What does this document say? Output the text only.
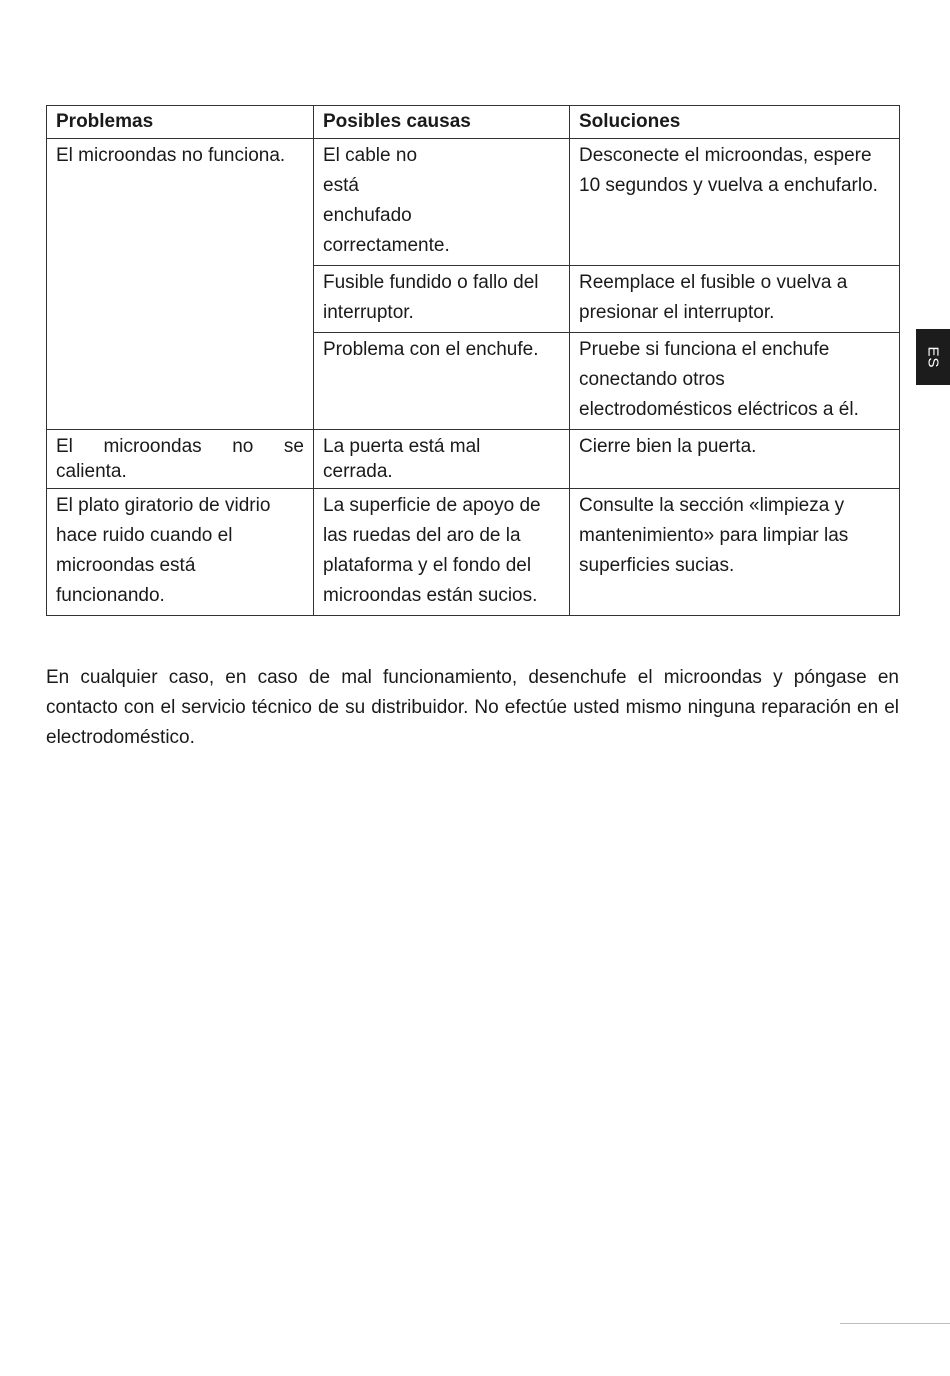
Problemas	Posibles causas	Soluciones
El microondas no funciona.	El cable no está enchufado correctamente.	Desconecte el microondas, espere 10 segundos y vuelva a enchufarlo.
	Fusible fundido o fallo del interruptor.	Reemplace el fusible o vuelva a presionar el interruptor.
	Problema con el enchufe.	Pruebe si funciona el enchufe conectando otros electrodomésticos eléctricos a él.

El microondas no se calienta.	La puerta está mal cerrada.	Cierre bien la puerta.
El plato giratorio de vidrio hace ruido cuando el microondas está funcionando.	La superficie de apoyo de las ruedas del aro de la plataforma y el fondo del microondas están sucios.	Consulte la sección «limpieza y mantenimiento» para limpiar las superficies sucias.

En cualquier caso, en caso de mal funcionamiento, desenchufe el microondas y póngase en contacto con el servicio técnico de su distribuidor. No efectúe usted mismo ninguna reparación en el electrodoméstico.

ES
